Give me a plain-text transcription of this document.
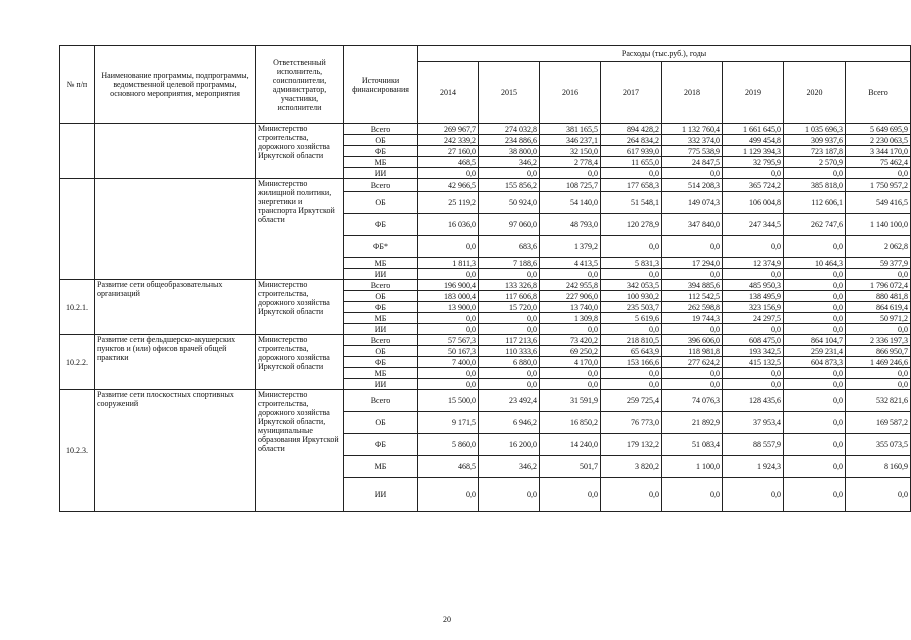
№ п/п	Наименование программы, подпрограммы, ведомственной целевой программы, основного мероприятия, мероприятия	Ответственный исполнитель, соисполнители, администратор, участники, исполнители	Источники финансирования	Расходы (тыс.руб.), годы							
				2014	2015	2016	2017	2018	2019	2020	Всего
		Министерство строительства, дорожного хозяйства Иркутской области	Всего	269 967,7	274 032,8	381 165,5	894 428,2	1 132 760,4	1 661 645,0	1 035 696,3	5 649 695,9
			ОБ	242 339,2	234 886,6	346 237,1	264 834,2	332 374,0	499 454,8	309 937,6	2 230 063,5
			ФБ	27 160,0	38 800,0	32 150,0	617 939,0	775 538,9	1 129 394,3	723 187,8	3 344 170,0
			МБ	468,5	346,2	2 778,4	11 655,0	24 847,5	32 795,9	2 570,9	75 462,4
			ИИ	0,0	0,0	0,0	0,0	0,0	0,0	0,0	0,0
		Министерство жилищной политики, энергетики и транспорта Иркутской области	Всего	42 966,5	155 856,2	108 725,7	177 658,3	514 208,3	365 724,2	385 818,0	1 750 957,2
			ОБ	25 119,2	50 924,0	54 140,0	51 548,1	149 074,3	106 004,8	112 606,1	549 416,5
			ФБ	16 036,0	97 060,0	48 793,0	120 278,9	347 840,0	247 344,5	262 747,6	1 140 100,0
			ФБ*	0,0	683,6	1 379,2	0,0	0,0	0,0	0,0	2 062,8
			МБ	1 811,3	7 188,6	4 413,5	5 831,3	17 294,0	12 374,9	10 464,3	59 377,9
			ИИ	0,0	0,0	0,0	0,0	0,0	0,0	0,0	0,0
10.2.1.	Развитие сети общеобразовательных организаций	Министерство строительства, дорожного хозяйства Иркутской области	Всего	196 900,4	133 326,8	242 955,8	342 053,5	394 885,6	485 950,3	0,0	1 796 072,4
			ОБ	183 000,4	117 606,8	227 906,0	100 930,2	112 542,5	138 495,9	0,0	880 481,8
			ФБ	13 900,0	15 720,0	13 740,0	235 503,7	262 598,8	323 156,9	0,0	864 619,4
			МБ	0,0	0,0	1 309,8	5 619,6	19 744,3	24 297,5	0,0	50 971,2
			ИИ	0,0	0,0	0,0	0,0	0,0	0,0	0,0	0,0
10.2.2.	Развитие сети фельдшерско-акушерских пунктов и (или) офисов врачей общей практики	Министерство строительства, дорожного хозяйства Иркутской области	Всего	57 567,3	117 213,6	73 420,2	218 810,5	396 606,0	608 475,0	864 104,7	2 336 197,3
			ОБ	50 167,3	110 333,6	69 250,2	65 643,9	118 981,8	193 342,5	259 231,4	866 950,7
			ФБ	7 400,0	6 880,0	4 170,0	153 166,6	277 624,2	415 132,5	604 873,3	1 469 246,6
			МБ	0,0	0,0	0,0	0,0	0,0	0,0	0,0	0,0
			ИИ	0,0	0,0	0,0	0,0	0,0	0,0	0,0	0,0
10.2.3.	Развитие сети плоскостных спортивных сооружений	Министерство строительства, дорожного хозяйства Иркутской области, муниципальные образования Иркутской области	Всего	15 500,0	23 492,4	31 591,9	259 725,4	74 076,3	128 435,6	0,0	532 821,6
			ОБ	9 171,5	6 946,2	16 850,2	76 773,0	21 892,9	37 953,4	0,0	169 587,2
			ФБ	5 860,0	16 200,0	14 240,0	179 132,2	51 083,4	88 557,9	0,0	355 073,5
			МБ	468,5	346,2	501,7	3 820,2	1 100,0	1 924,3	0,0	8 160,9
			ИИ	0,0	0,0	0,0	0,0	0,0	0,0	0,0	0,0
20
